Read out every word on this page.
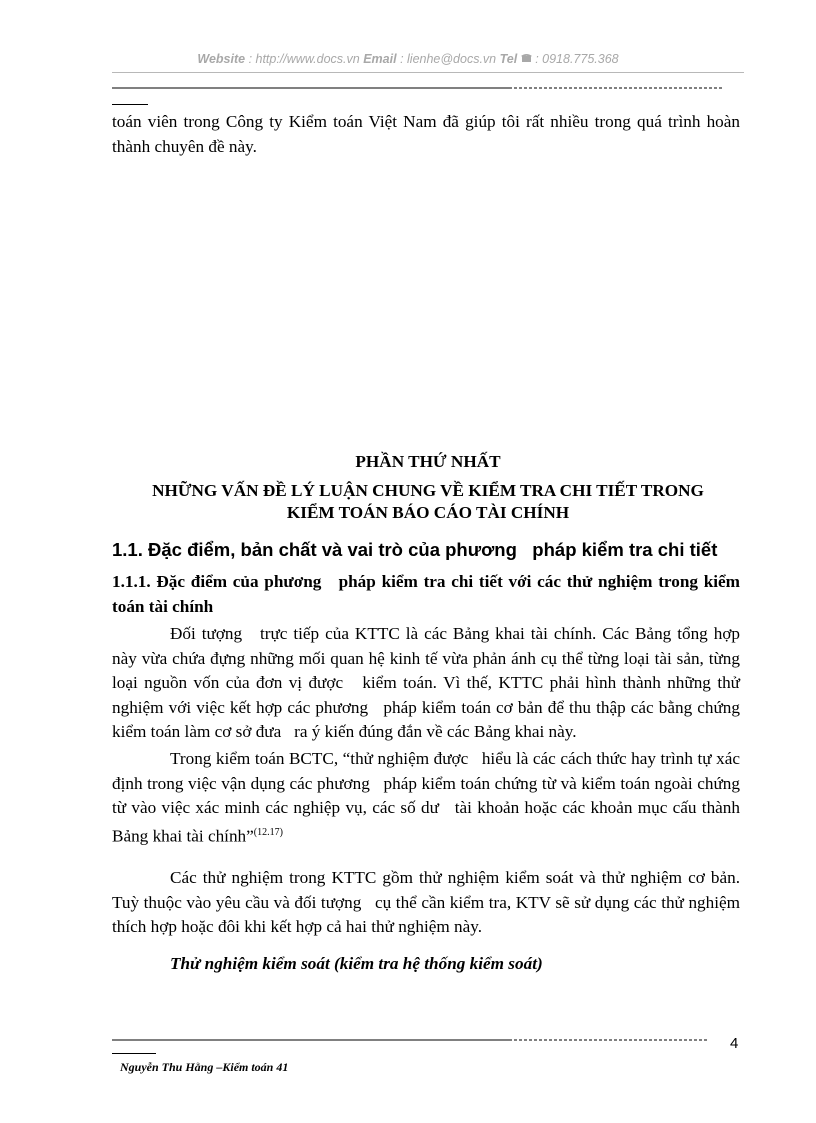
Website : http://www.docs.vn Email : lienhe@docs.vn Tel : 0918.775.368
toán viên trong Công ty Kiểm toán Việt Nam đã giúp tôi rất nhiều trong quá trình hoàn thành chuyên đề này.
PHẦN THỨ NHẤT
NHỮNG VẤN ĐỀ LÝ LUẬN CHUNG VỀ KIỂM TRA CHI TIẾT TRONG
KIỂM TOÁN BÁO CÁO TÀI CHÍNH
1.1. Đặc điểm, bản chất và vai trò của phương   pháp kiểm tra chi tiết
1.1.1. Đặc điểm của phương   pháp kiểm tra chi tiết với các thử nghiệm trong kiểm toán tài chính
Đối tượng   trực tiếp của KTTC là các Bảng khai tài chính. Các Bảng tổng hợp này vừa chứa đựng những mối quan hệ kinh tế vừa phản ánh cụ thể từng loại tài sản, từng loại nguồn vốn của đơn vị được   kiểm toán. Vì thế, KTTC phải hình thành những thử nghiệm với việc kết hợp các phương   pháp kiểm toán cơ bản để thu thập các bằng chứng kiểm toán làm cơ sở đưa   ra ý kiến đúng đắn về các Bảng khai này.
Trong kiểm toán BCTC, “thử nghiệm được   hiểu là các cách thức hay trình tự xác định trong việc vận dụng các phương   pháp kiểm toán chứng từ và kiểm toán ngoài chứng từ vào việc xác minh các nghiệp vụ, các số dư   tài khoản hoặc các khoản mục cấu thành Bảng khai tài chính”$^{(12.17)}$
Các thử nghiệm trong KTTC gồm thử nghiệm kiểm soát và thử nghiệm cơ bản. Tuỳ thuộc vào yêu cầu và đối tượng   cụ thể cần kiểm tra, KTV sẽ sử dụng các thử nghiệm thích hợp hoặc đôi khi kết hợp cả hai thử nghiệm này.
Thử nghiệm kiểm soát (kiểm tra hệ thống kiểm soát)
4
Nguyễn Thu Hằng –Kiểm toán 41
